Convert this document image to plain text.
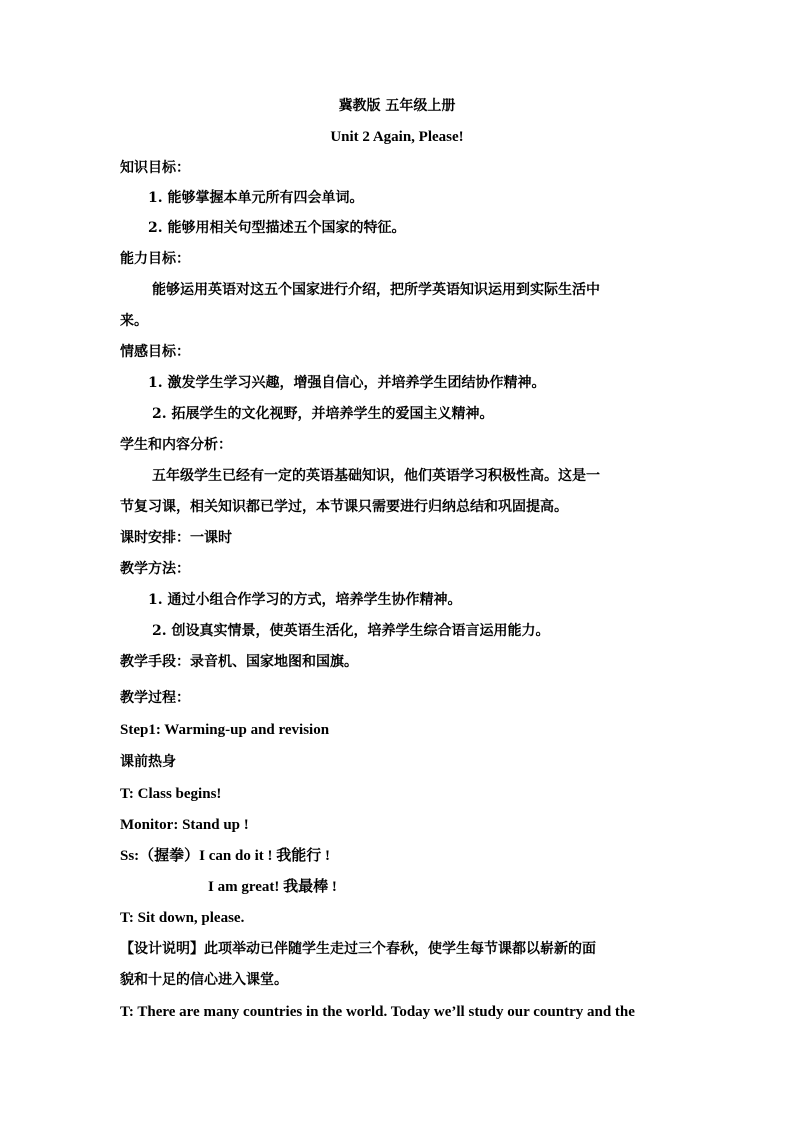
冀教版 五年级上册
Unit 2 Again, Please!
知识目标：
1. 能够掌握本单元所有四会单词。
2. 能够用相关句型描述五个国家的特征。
能力目标：
能够运用英语对这五个国家进行介绍，把所学英语知识运用到实际生活中
来。
情感目标：
1. 激发学生学习兴趣，增强自信心，并培养学生团结协作精神。
2. 拓展学生的文化视野，并培养学生的爱国主义精神。
学生和内容分析：
五年级学生已经有一定的英语基础知识，他们英语学习积极性高。这是一
节复习课，相关知识都已学过，本节课只需要进行归纳总结和巩固提高。
课时安排：一课时
教学方法：
1. 通过小组合作学习的方式，培养学生协作精神。
2. 创设真实情景，使英语生活化，培养学生综合语言运用能力。
教学手段：录音机、国家地图和国旗。
教学过程：
Step1: Warming-up and revision
课前热身
T: Class begins!
Monitor: Stand up !
Ss:（握拳）I can do it ! 我能行 !
I am great! 我最棒 !
T: Sit down, please.
【设计说明】此项举动已伴随学生走过三个春秋，使学生每节课都以崭新的面
貌和十足的信心进入课堂。
T: There are many countries in the world. Today we’ll study our country and the
